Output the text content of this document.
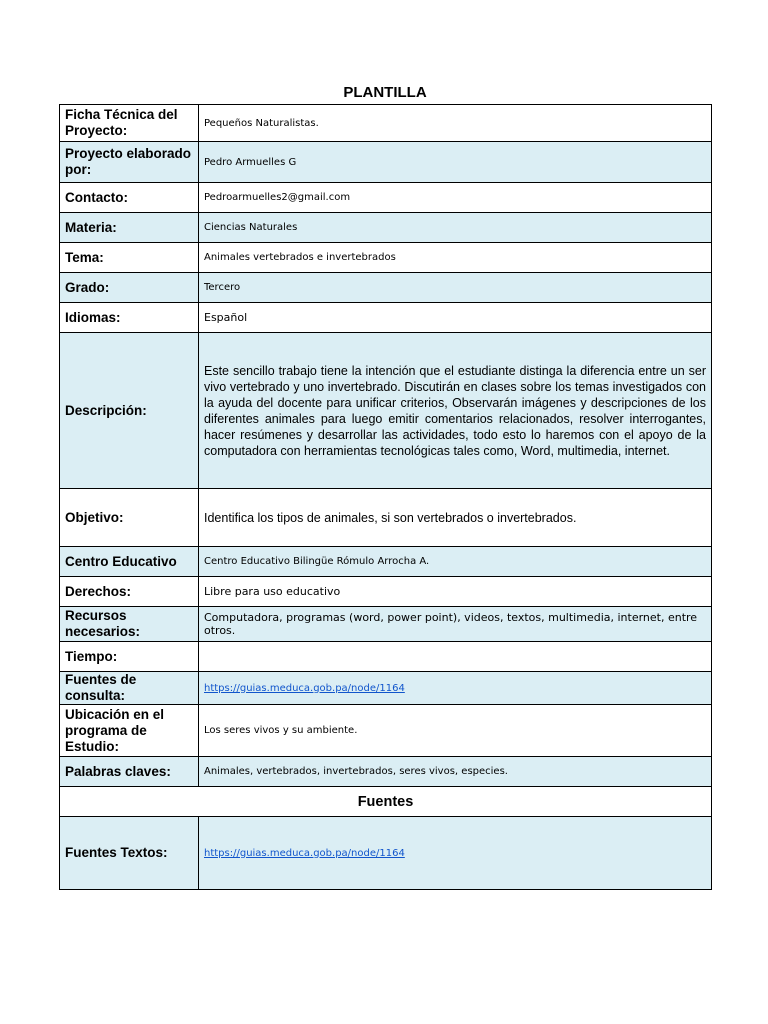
PLANTILLA
Ficha Técnica del Proyecto:	Pequeños Naturalistas.
Proyecto elaborado por:	Pedro Armuelles G
Contacto:	Pedroarmuelles2@gmail.com
Materia:	Ciencias Naturales
Tema:	Animales vertebrados e invertebrados
Grado:	Tercero
Idiomas:	Español
Descripción:	Este sencillo trabajo tiene la intención que el estudiante distinga la diferencia entre un ser vivo vertebrado y uno invertebrado. Discutirán en clases sobre los temas investigados con la ayuda del docente para unificar criterios, Observarán imágenes y descripciones de los diferentes animales para luego emitir comentarios relacionados, resolver interrogantes, hacer resúmenes y desarrollar las actividades, todo esto lo haremos con el apoyo de la computadora con herramientas tecnológicas tales como, Word, multimedia, internet.
Objetivo:	Identifica los tipos de animales, si son vertebrados o invertebrados.
Centro Educativo	Centro Educativo Bilingüe Rómulo Arrocha A.
Derechos:	Libre para uso educativo
Recursos necesarios:	Computadora, programas (word, power point), videos, textos, multimedia, internet, entre otros.
Tiempo:	
Fuentes de consulta:	https://guias.meduca.gob.pa/node/1164
Ubicación en el programa de Estudio:	Los seres vivos y su ambiente.
Palabras claves:	Animales, vertebrados, invertebrados, seres vivos, especies.
Fuentes	
Fuentes Textos:	https://guias.meduca.gob.pa/node/1164
